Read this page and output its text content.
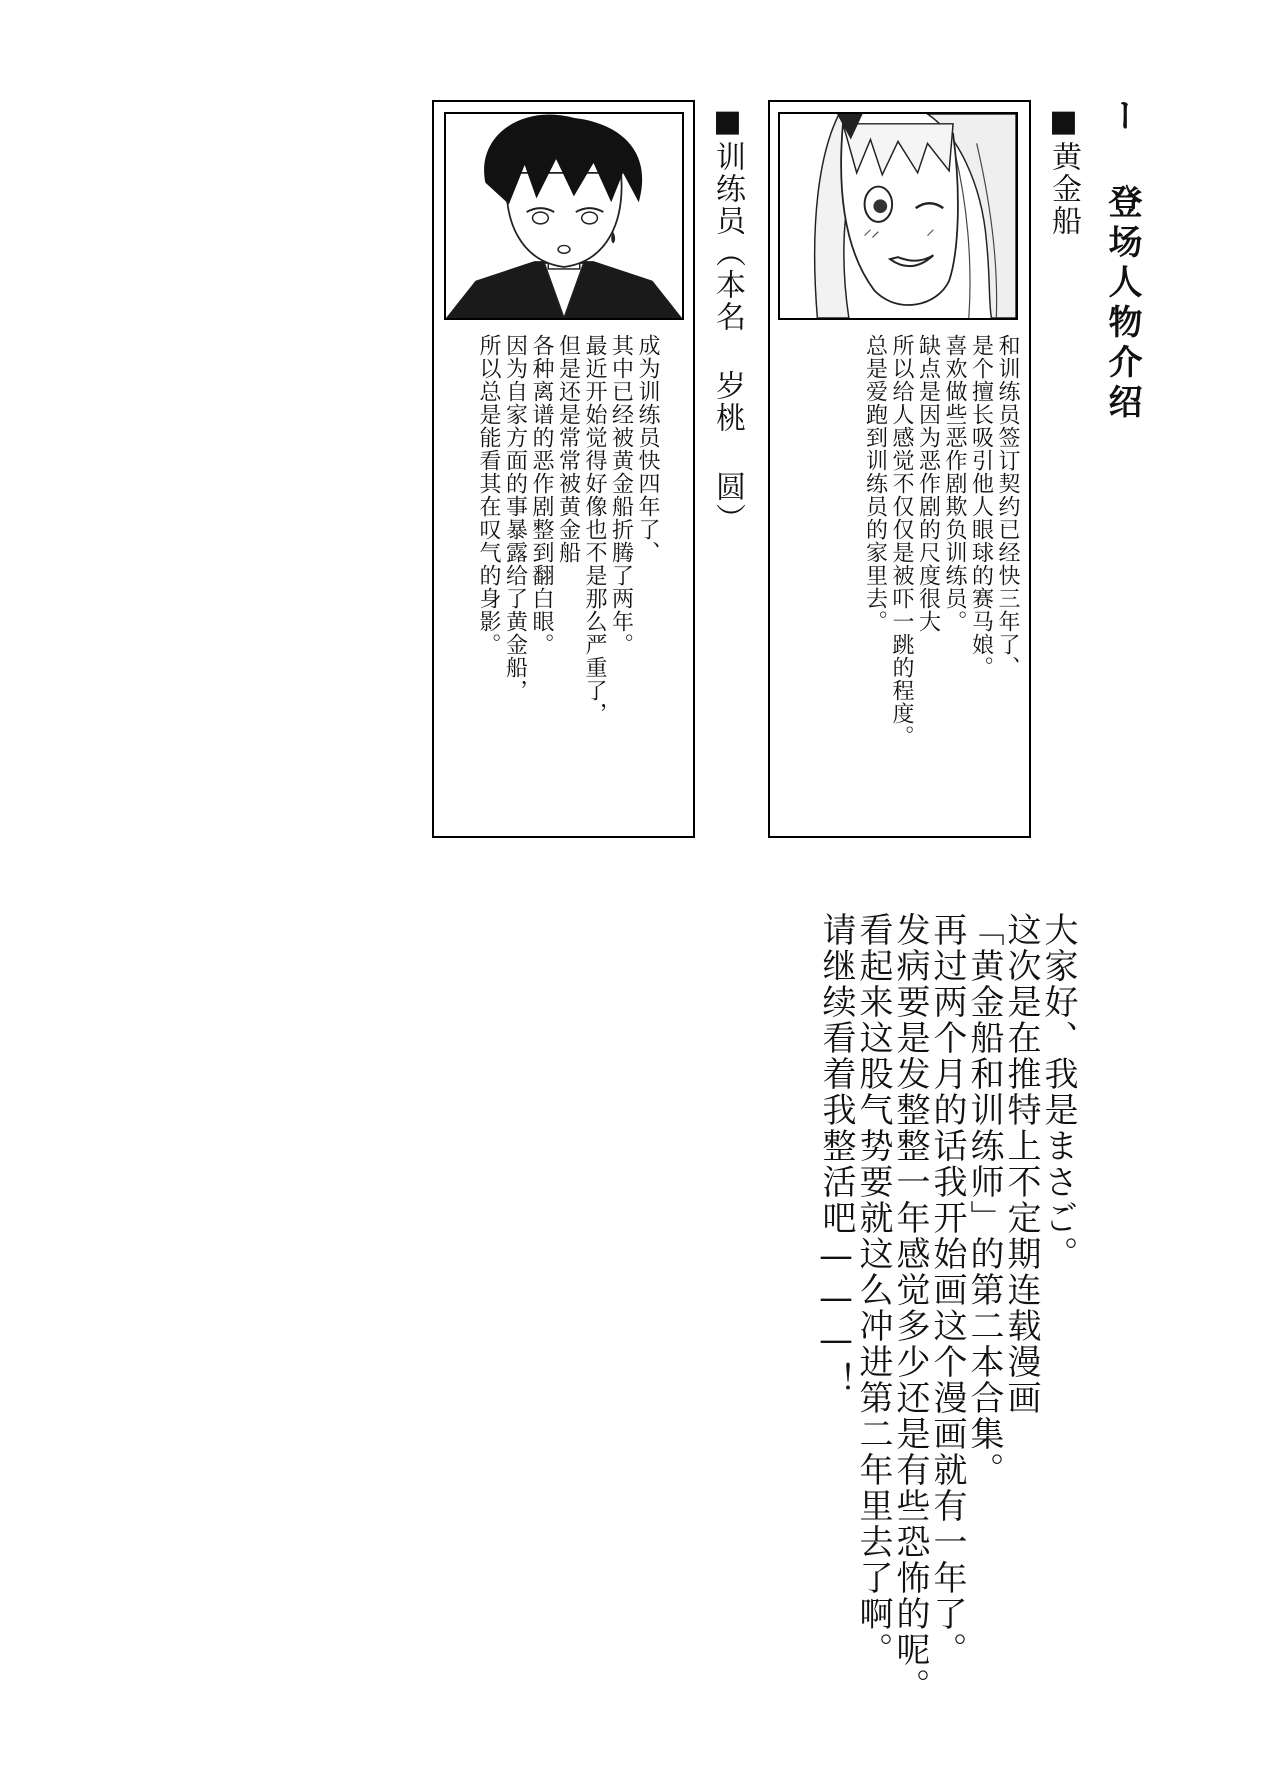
ー 登场人物介绍
■黄金船
和训练员签订契约已经快三年了、
是个擅长吸引他人眼球的赛马娘。
喜欢做些恶作剧欺负训练员。
缺点是因为恶作剧的尺度很大
所以给人感觉不仅仅是被吓一跳的程度。
总是爱跑到训练员的家里去。
■训练员（本名 岁桃 圆）
成为训练员快四年了、
其中已经被黄金船折腾了两年。
最近开始觉得好像也不是那么严重了，
但是还是常常被黄金船
各种离谱的恶作剧整到翻白眼。
因为自家方面的事暴露给了黄金船，
所以总是能看其在叹气的身影。
大家好、我是まさご。
这次是在推特上不定期连载漫画
「黄金船和训练师」的第二本合集。
再过两个月的话我开始画这个漫画就有一年了。
发病要是发整整一年感觉多少还是有些恐怖的呢。
看起来这股气势要就这么冲进第二年里去了啊。
请继续看着我整活吧———！
